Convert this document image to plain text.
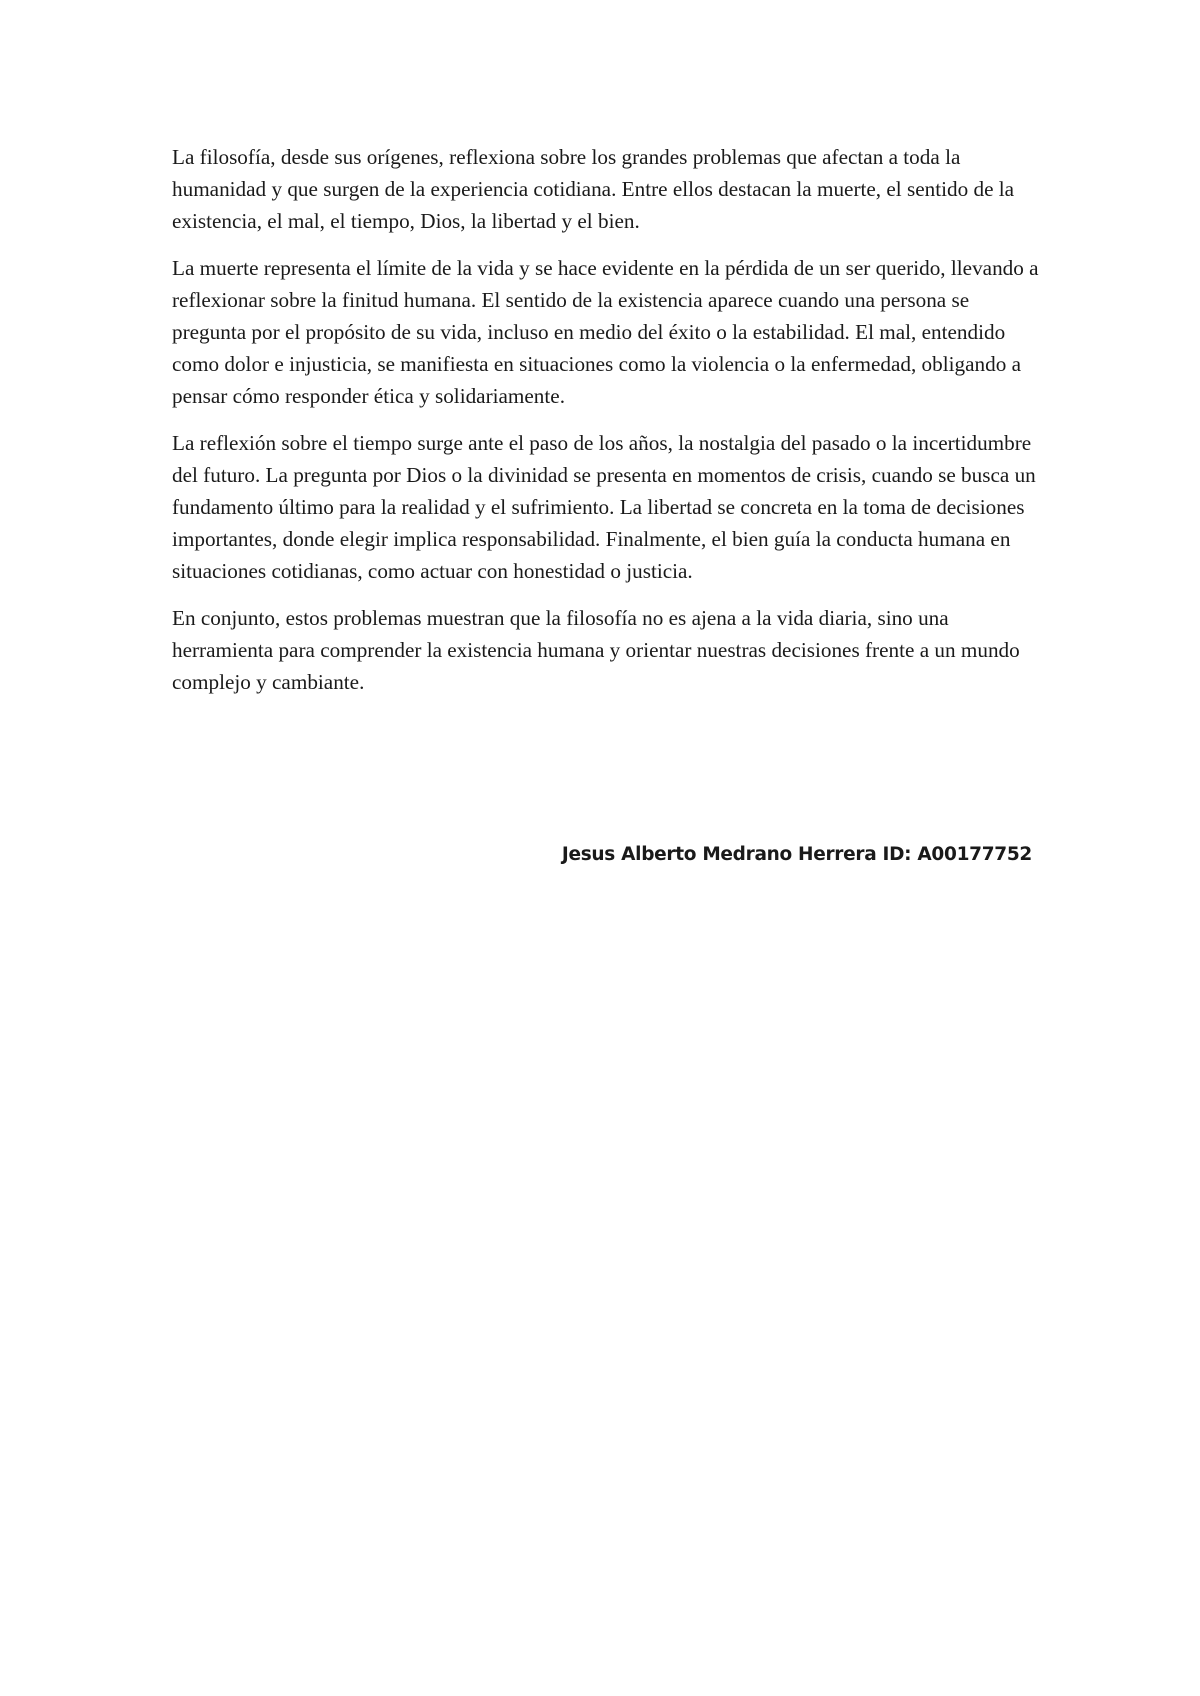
La filosofía, desde sus orígenes, reflexiona sobre los grandes problemas que afectan a toda la humanidad y que surgen de la experiencia cotidiana. Entre ellos destacan la muerte, el sentido de la existencia, el mal, el tiempo, Dios, la libertad y el bien.

La muerte representa el límite de la vida y se hace evidente en la pérdida de un ser querido, llevando a reflexionar sobre la finitud humana. El sentido de la existencia aparece cuando una persona se pregunta por el propósito de su vida, incluso en medio del éxito o la estabilidad. El mal, entendido como dolor e injusticia, se manifiesta en situaciones como la violencia o la enfermedad, obligando a pensar cómo responder ética y solidariamente.

La reflexión sobre el tiempo surge ante el paso de los años, la nostalgia del pasado o la incertidumbre del futuro. La pregunta por Dios o la divinidad se presenta en momentos de crisis, cuando se busca un fundamento último para la realidad y el sufrimiento. La libertad se concreta en la toma de decisiones importantes, donde elegir implica responsabilidad. Finalmente, el bien guía la conducta humana en situaciones cotidianas, como actuar con honestidad o justicia.

En conjunto, estos problemas muestran que la filosofía no es ajena a la vida diaria, sino una herramienta para comprender la existencia humana y orientar nuestras decisiones frente a un mundo complejo y cambiante.

Jesus Alberto Medrano Herrera ID: A00177752
